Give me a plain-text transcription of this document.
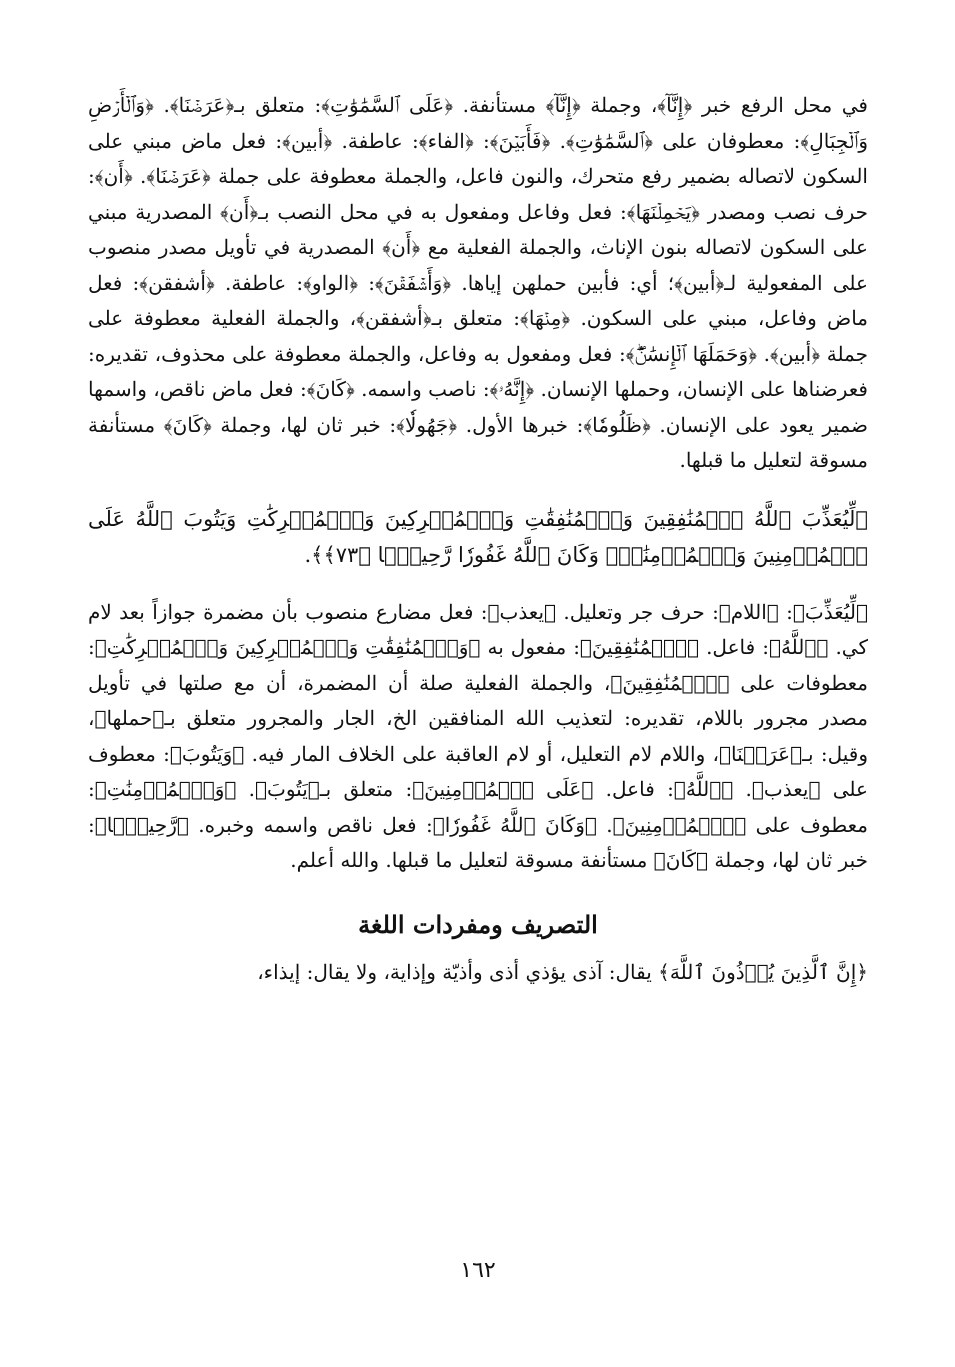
في محل الرفع خبر ﴿إِنَّآ﴾، وجملة ﴿إِنَّآ﴾ مستأنفة. ﴿عَلَى ٱلسَّمَٰوَٰتِ﴾: متعلق بـ﴿عَرَضۡنَا﴾. ﴿وَٱلۡأَرۡضِ وَٱلۡجِبَالِ﴾: معطوفان على ﴿ٱلسَّمَٰوَٰتِ﴾. ﴿فَأَبَيۡنَ﴾: ﴿الفاء﴾: عاطفة. ﴿أبين﴾: فعل ماض مبني على السكون لاتصاله بضمير رفع متحرك، والنون فاعل، والجملة معطوفة على جملة ﴿عَرَضۡنَا﴾. ﴿أَن﴾: حرف نصب ومصدر ﴿يَحۡمِلۡنَهَا﴾: فعل وفاعل ومفعول به في محل النصب بـ﴿أَن﴾ المصدرية مبني على السكون لاتصاله بنون الإناث، والجملة الفعلية مع ﴿أَن﴾ المصدرية في تأويل مصدر منصوب على المفعولية لـ﴿أبين﴾؛ أي: فأبين حملهن إياها. ﴿وَأَشۡفَقۡنَ﴾: ﴿الواو﴾: عاطفة. ﴿أشفقن﴾: فعل ماض وفاعل، مبني على السكون. ﴿مِنۡهَا﴾: متعلق بـ﴿أشفقن﴾، والجملة الفعلية معطوفة على جملة ﴿أبين﴾. ﴿وَحَمَلَهَا ٱلۡإِنسَٰنُۖ﴾: فعل ومفعول به وفاعل، والجملة معطوفة على محذوف، تقديره: فعرضناها على الإنسان، وحملها الإنسان. ﴿إِنَّهُۥ﴾: ناصب واسمه. ﴿كَانَ﴾: فعل ماض ناقص، واسمها ضمير يعود على الإنسان. ﴿ظَلُومٗا﴾: خبرها الأول. ﴿جَهُولٗا﴾: خبر ثان لها، وجملة ﴿كَانَ﴾ مستأنفة مسوقة لتعليل ما قبلها.

﴿لِّيُعَذِّبَ ٱللَّهُ ٱلۡمُنَٰفِقِينَ وَٱلۡمُنَٰفِقَٰتِ وَٱلۡمُشۡرِكِينَ وَٱلۡمُشۡرِكَٰتِ وَيَتُوبَ ٱللَّهُ عَلَى ٱلۡمُؤۡمِنِينَ وَٱلۡمُؤۡمِنَٰتِۗ وَكَانَ ٱللَّهُ غَفُورٗا رَّحِيمَۢا ﴿٧٣﴾﴾.

﴿لِّيُعَذِّبَ﴾: ﴿اللام﴾: حرف جر وتعليل. ﴿يعذب﴾: فعل مضارع منصوب بأن مضمرة جوازاً بعد لام كي. ﴿ٱللَّهُ﴾: فاعل. ﴿ٱلۡمُنَٰفِقِينَ﴾: مفعول به ﴿وَٱلۡمُنَٰفِقَٰتِ وَٱلۡمُشۡرِكِينَ وَٱلۡمُشۡرِكَٰتِ﴾: معطوفات على ﴿ٱلۡمُنَٰفِقِينَ﴾، والجملة الفعلية صلة أن المضمرة، أن مع صلتها في تأويل مصدر مجرور باللام، تقديره: لتعذيب الله المنافقين الخ، الجار والمجرور متعلق بـ﴿حملها﴾، وقيل: بـ﴿عَرَضۡنَا﴾، واللام لام التعليل، أو لام العاقبة على الخلاف المار فيه. ﴿وَيَتُوبَ﴾: معطوف على ﴿يعذب﴾. ﴿ٱللَّهُ﴾: فاعل. ﴿عَلَى ٱلۡمُؤۡمِنِينَ﴾: متعلق بـ﴿يَتُوبَ﴾. ﴿وَٱلۡمُؤۡمِنَٰتِ﴾: معطوف على ﴿ٱلۡمُؤۡمِنِينَ﴾. ﴿وَكَانَ ٱللَّهُ غَفُورٗا﴾: فعل ناقص واسمه وخبره. ﴿رَّحِيمَۢا﴾: خبر ثان لها، وجملة ﴿كَانَ﴾ مستأنفة مسوقة لتعليل ما قبلها. والله أعلم.

التصريف ومفردات اللغة

﴿إِنَّ ٱلَّذِينَ يُؤۡذُونَ ٱللَّهَ﴾ يقال: آذى يؤذي أذى وأذيّة وإذاية، ولا يقال: إيذاء،

١٦٢
